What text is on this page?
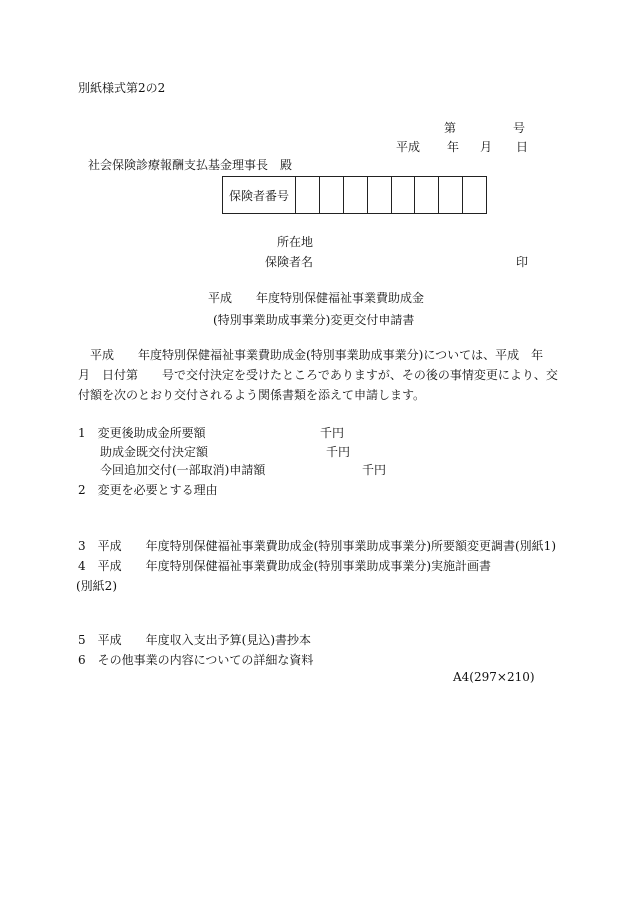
別紙様式第2の2
第	号
平成 年 月 日
社会保険診療報酬支払基金理事長　殿
保険者番号
所在地
保険者名	印
平成　　年度特別保健福祉事業費助成金
(特別事業助成事業分)変更交付申請書
　平成　　年度特別保健福祉事業費助成金(特別事業助成事業分)については、平成　年
月　日付第　　号で交付決定を受けたところでありますが、その後の事情変更により、交
付額を次のとおり交付されるよう関係書類を添えて申請します。
1　変更後助成金所要額	千円
助成金既交付決定額	千円
今回追加交付(一部取消)申請額	千円
2　変更を必要とする理由
3　平成　　年度特別保健福祉事業費助成金(特別事業助成事業分)所要額変更調書(別紙1)
4　平成　　年度特別保健福祉事業費助成金(特別事業助成事業分)実施計画書
(別紙2)
5　平成　　年度収入支出予算(見込)書抄本
6　その他事業の内容についての詳細な資料
A4(297×210)
